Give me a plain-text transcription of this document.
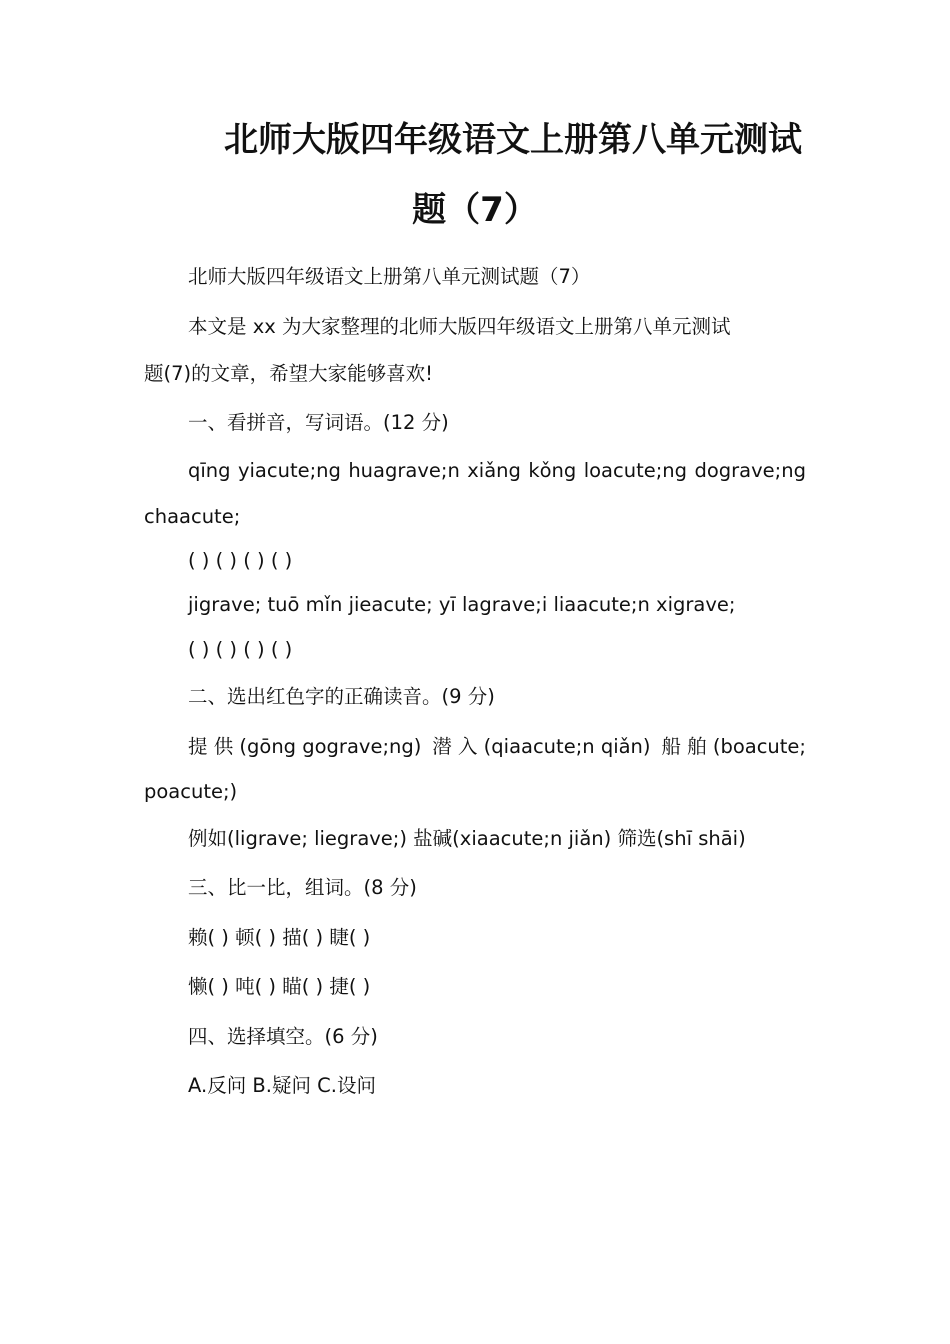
北师大版四年级语文上册第八单元测试
题（7）
北师大版四年级语文上册第八单元测试题（7）
本文是 xx 为大家整理的北师大版四年级语文上册第八单元测试
题(7)的文章，希望大家能够喜欢!
一、看拼音，写词语。(12 分)
qīng yiacute;ng huagrave;n xiǎng kǒng loacute;ng dograve;ng
chaacute;
( ) ( ) ( ) ( )
jigrave; tuō mǐn jieacute; yī lagrave;i liaacute;n xigrave;
( ) ( ) ( ) ( )
二、选出红色字的正确读音。(9 分)
提 供 (gōng gograve;ng) 潜 入 (qiaacute;n qiǎn) 船 舶 (boacute;
poacute;)
例如(ligrave; liegrave;) 盐碱(xiaacute;n jiǎn) 筛选(shī shāi)
三、比一比，组词。(8 分)
赖( ) 顿( ) 描( ) 睫( )
懒( ) 吨( ) 瞄( ) 捷( )
四、选择填空。(6 分)
A.反问 B.疑问 C.设问
